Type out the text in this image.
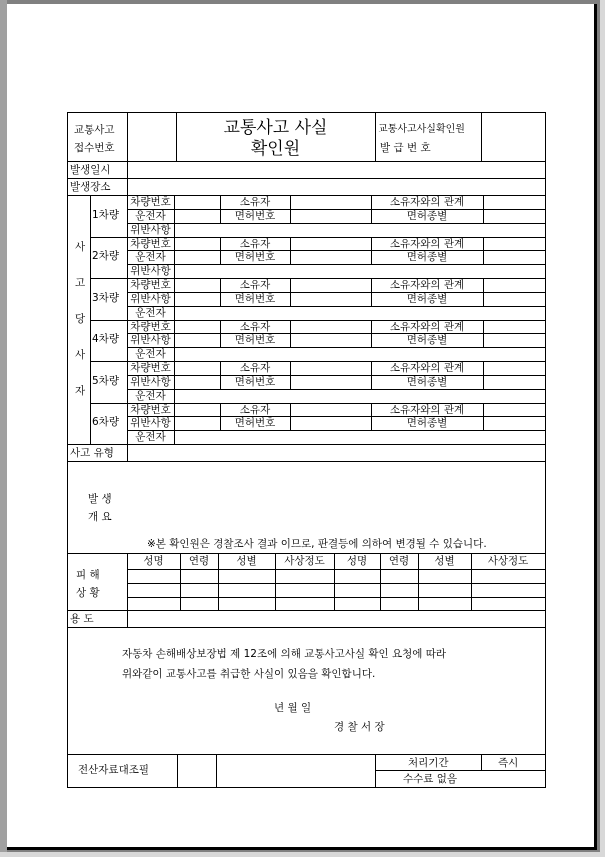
교통사고
접수번호
교통사고 사실
확인원
교통사고사실확인원
발 급 번 호
발생일시
발생장소
사
고
당
사
자
1차량
차량번호	소유자	소유자와의 관계
운전자	면허번호	면허종별
위반사항
2차량
차량번호	소유자	소유자와의 관계
운전자	면허번호	면허종별
위반사항
3차량
차량번호	소유자	소유자와의 관계
위반사항	면허번호	면허종별
운전자
4차량
차량번호	소유자	소유자와의 관계
위반사항	면허번호	면허종별
운전자
5차량
차량번호	소유자	소유자와의 관계
위반사항	면허번호	면허종별
운전자
6차량
차량번호	소유자	소유자와의 관계
위반사항	면허번호	면허종별
운전자
사고 유형
발 생
개 요
※본 확인원은 경찰조사 결과 이므로, 판결등에 의하여 변경될 수 있습니다.
피 해
상 황
성명	연령	성별	사상정도	성명	연령	성별	사상정도
용 도
자동차 손해배상보장법 제 12조에 의해 교통사고사실 확인 요청에 따라
위와같이 교통사고를 취급한 사실이 있음을 확인합니다.
년 월 일
경 찰 서 장
전산자료대조필
처리기간	즉시
수수료 없음
